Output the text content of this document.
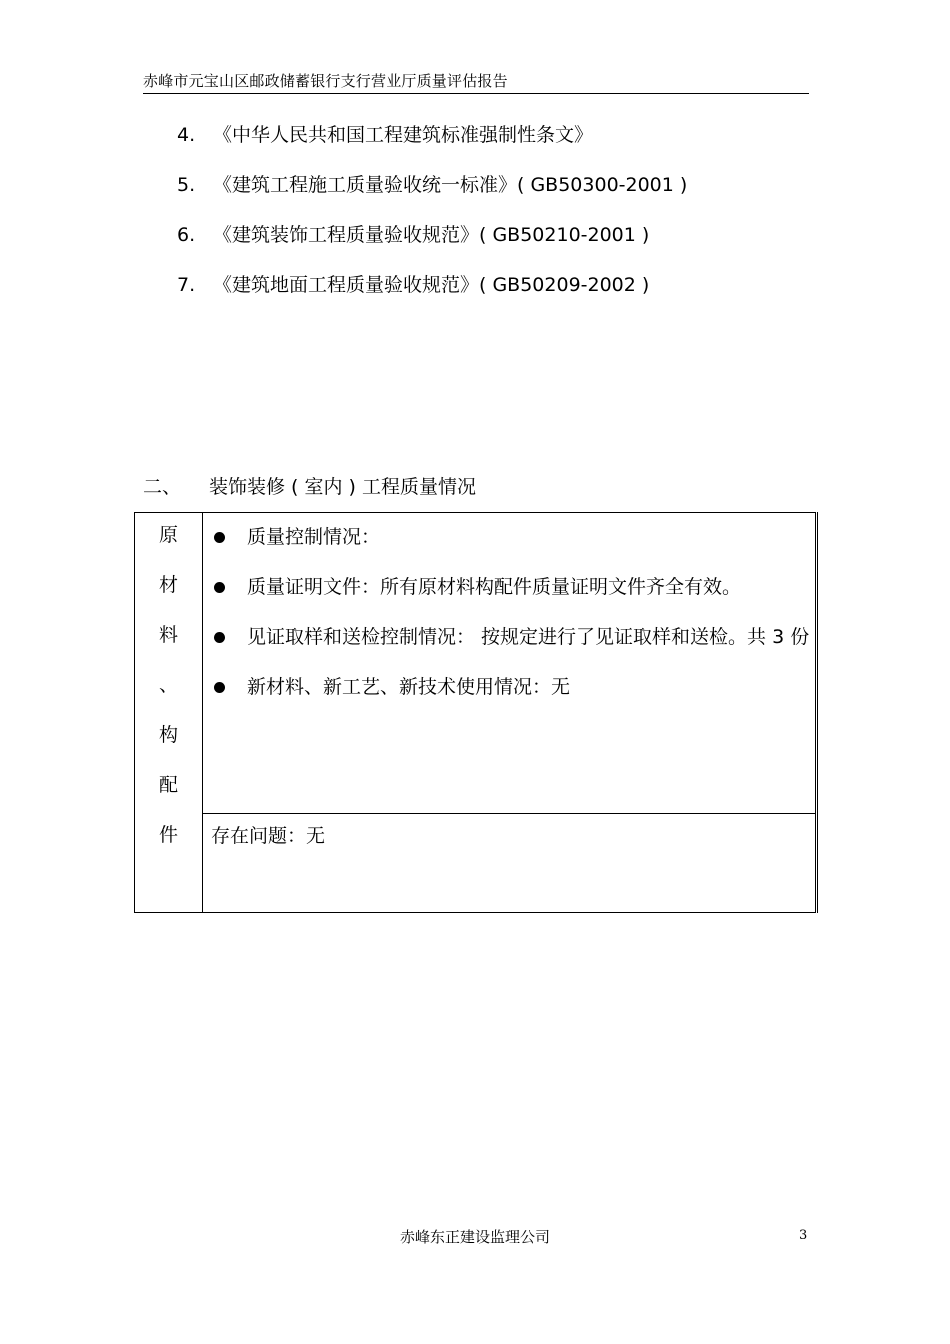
赤峰市元宝山区邮政储蓄银行支行营业厅质量评估报告
4. 《中华人民共和国工程建筑标准强制性条文》
5. 《建筑工程施工质量验收统一标准》( GB50300-2001 )
6. 《建筑装饰工程质量验收规范》( GB50210-2001 )
7. 《建筑地面工程质量验收规范》( GB50209-2002 )
二、 装饰装修 ( 室内 ) 工程质量情况
原
材
料
、
构
配
件

质量控制情况：
质量证明文件：所有原材料构配件质量证明文件齐全有效。
见证取样和送检控制情况： 按规定进行了见证取样和送检。共 3 份
新材料、新工艺、新技术使用情况：无

存在问题：无
赤峰东正建设监理公司	3
